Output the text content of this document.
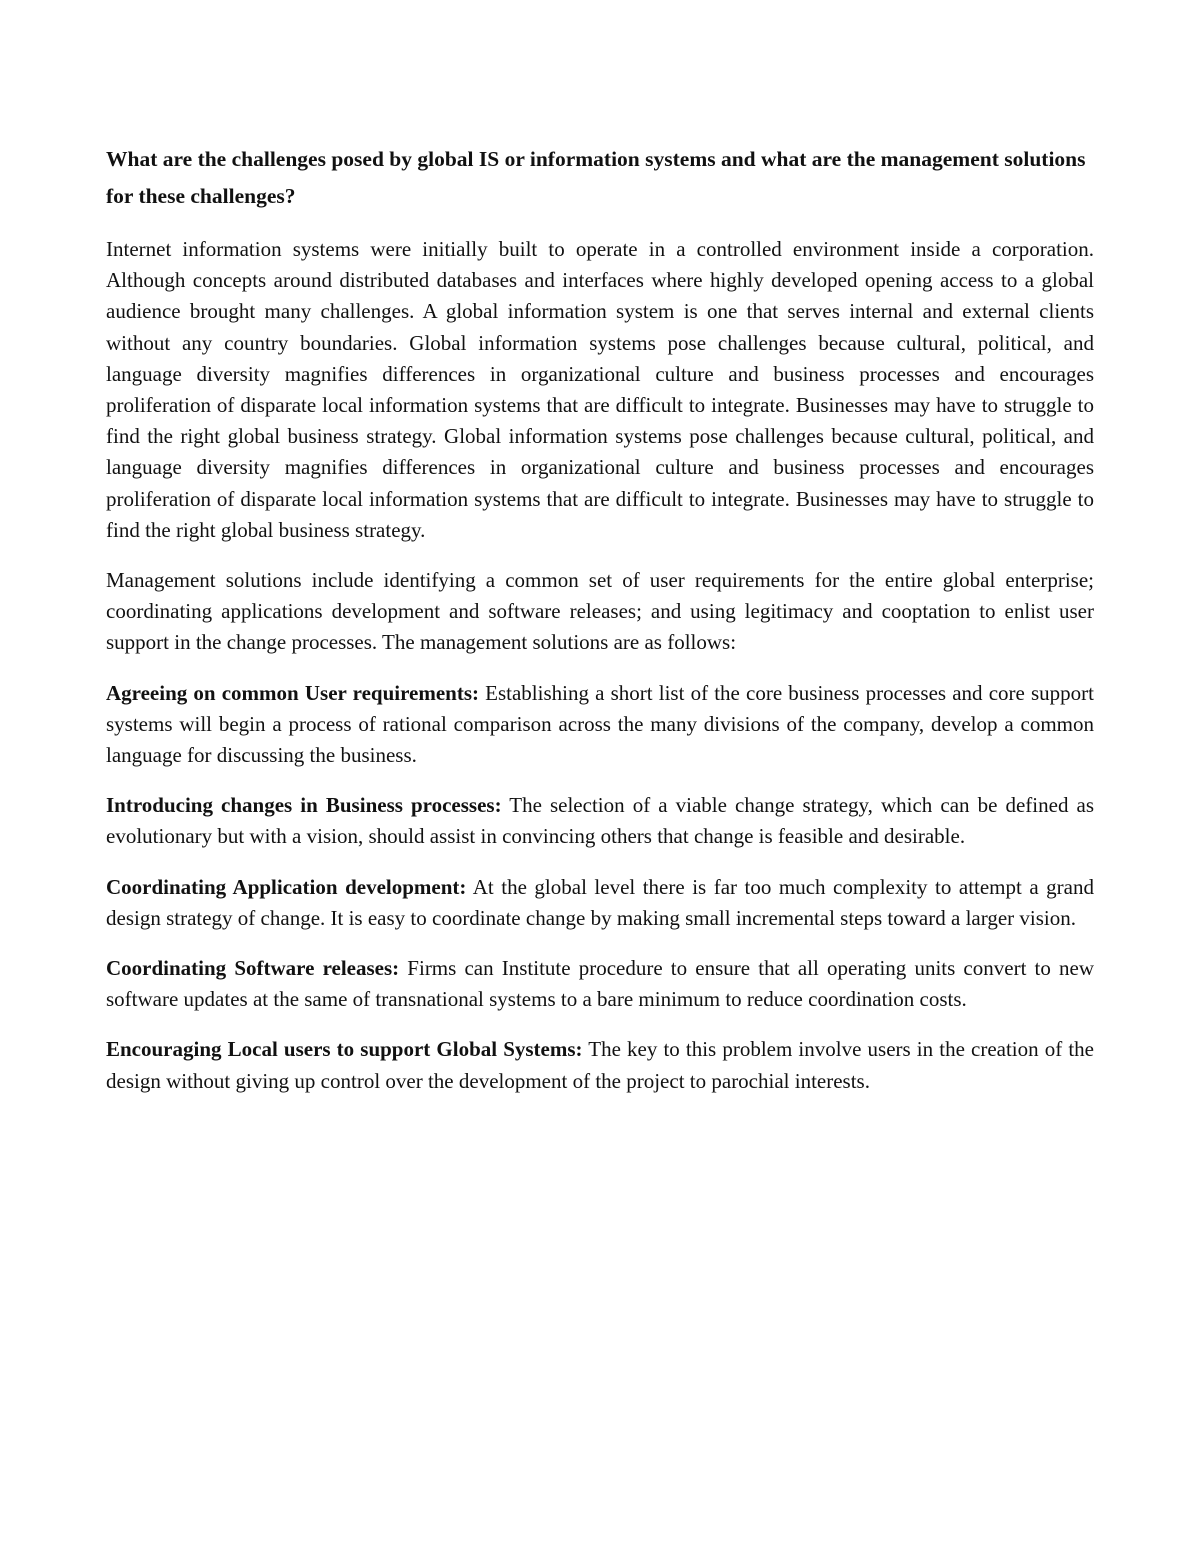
What are the challenges posed by global IS or information systems and what are the management solutions for these challenges?

Internet information systems were initially built to operate in a controlled environment inside a corporation. Although concepts around distributed databases and interfaces where highly developed opening access to a global audience brought many challenges. A global information system is one that serves internal and external clients without any country boundaries. Global information systems pose challenges because cultural, political, and language diversity magnifies differences in organizational culture and business processes and encourages proliferation of disparate local information systems that are difficult to integrate. Businesses may have to struggle to find the right global business strategy. Global information systems pose challenges because cultural, political, and language diversity magnifies differences in organizational culture and business processes and encourages proliferation of disparate local information systems that are difficult to integrate. Businesses may have to struggle to find the right global business strategy.

Management solutions include identifying a common set of user requirements for the entire global enterprise; coordinating applications development and software releases; and using legitimacy and cooptation to enlist user support in the change processes. The management solutions are as follows:

Agreeing on common User requirements: Establishing a short list of the core business processes and core support systems will begin a process of rational comparison across the many divisions of the company, develop a common language for discussing the business.

Introducing changes in Business processes: The selection of a viable change strategy, which can be defined as evolutionary but with a vision, should assist in convincing others that change is feasible and desirable.

Coordinating Application development: At the global level there is far too much complexity to attempt a grand design strategy of change. It is easy to coordinate change by making small incremental steps toward a larger vision.

Coordinating Software releases: Firms can Institute procedure to ensure that all operating units convert to new software updates at the same of transnational systems to a bare minimum to reduce coordination costs.

Encouraging Local users to support Global Systems: The key to this problem involve users in the creation of the design without giving up control over the development of the project to parochial interests.
